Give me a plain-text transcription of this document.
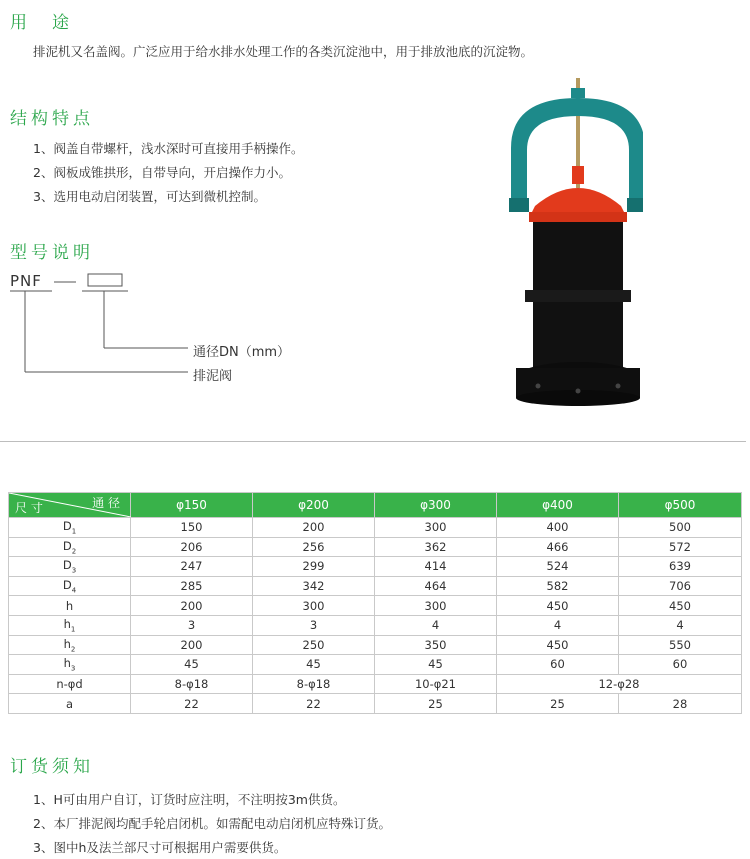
用　途

排泥机又名盖阀。广泛应用于给水排水处理工作的各类沉淀池中，用于排放池底的沉淀物。

结构特点

1、阀盖自带螺杆，浅水深时可直接用手柄操作。

2、阀板成锥拱形，自带导向，开启操作力小。

3、选用电动启闭装置，可达到微机控制。

型号说明
PNF
通径DN（mm）
排泥阀
通 径
尺 寸	φ150	φ200	φ300	φ400	φ500
$D_1$	150	200	300	400	500
$D_2$	206	256	362	466	572
$D_3$	247	299	414	524	639
$D_4$	285	342	464	582	706
h	200	300	300	450	450
$h_1$	3	3	4	4	4
$h_2$	200	250	350	450	550
$h_3$	45	45	45	60	60
n-φd	8-φ18	8-φ18	10-φ21	12-φ28	
a	22	22	25	25	28
订货须知

1、H可由用户自订，订货时应注明，不注明按3m供货。

2、本厂排泥阀均配手轮启闭机。如需配电动启闭机应特殊订货。

3、图中h及法兰部尺寸可根据用户需要供货。
